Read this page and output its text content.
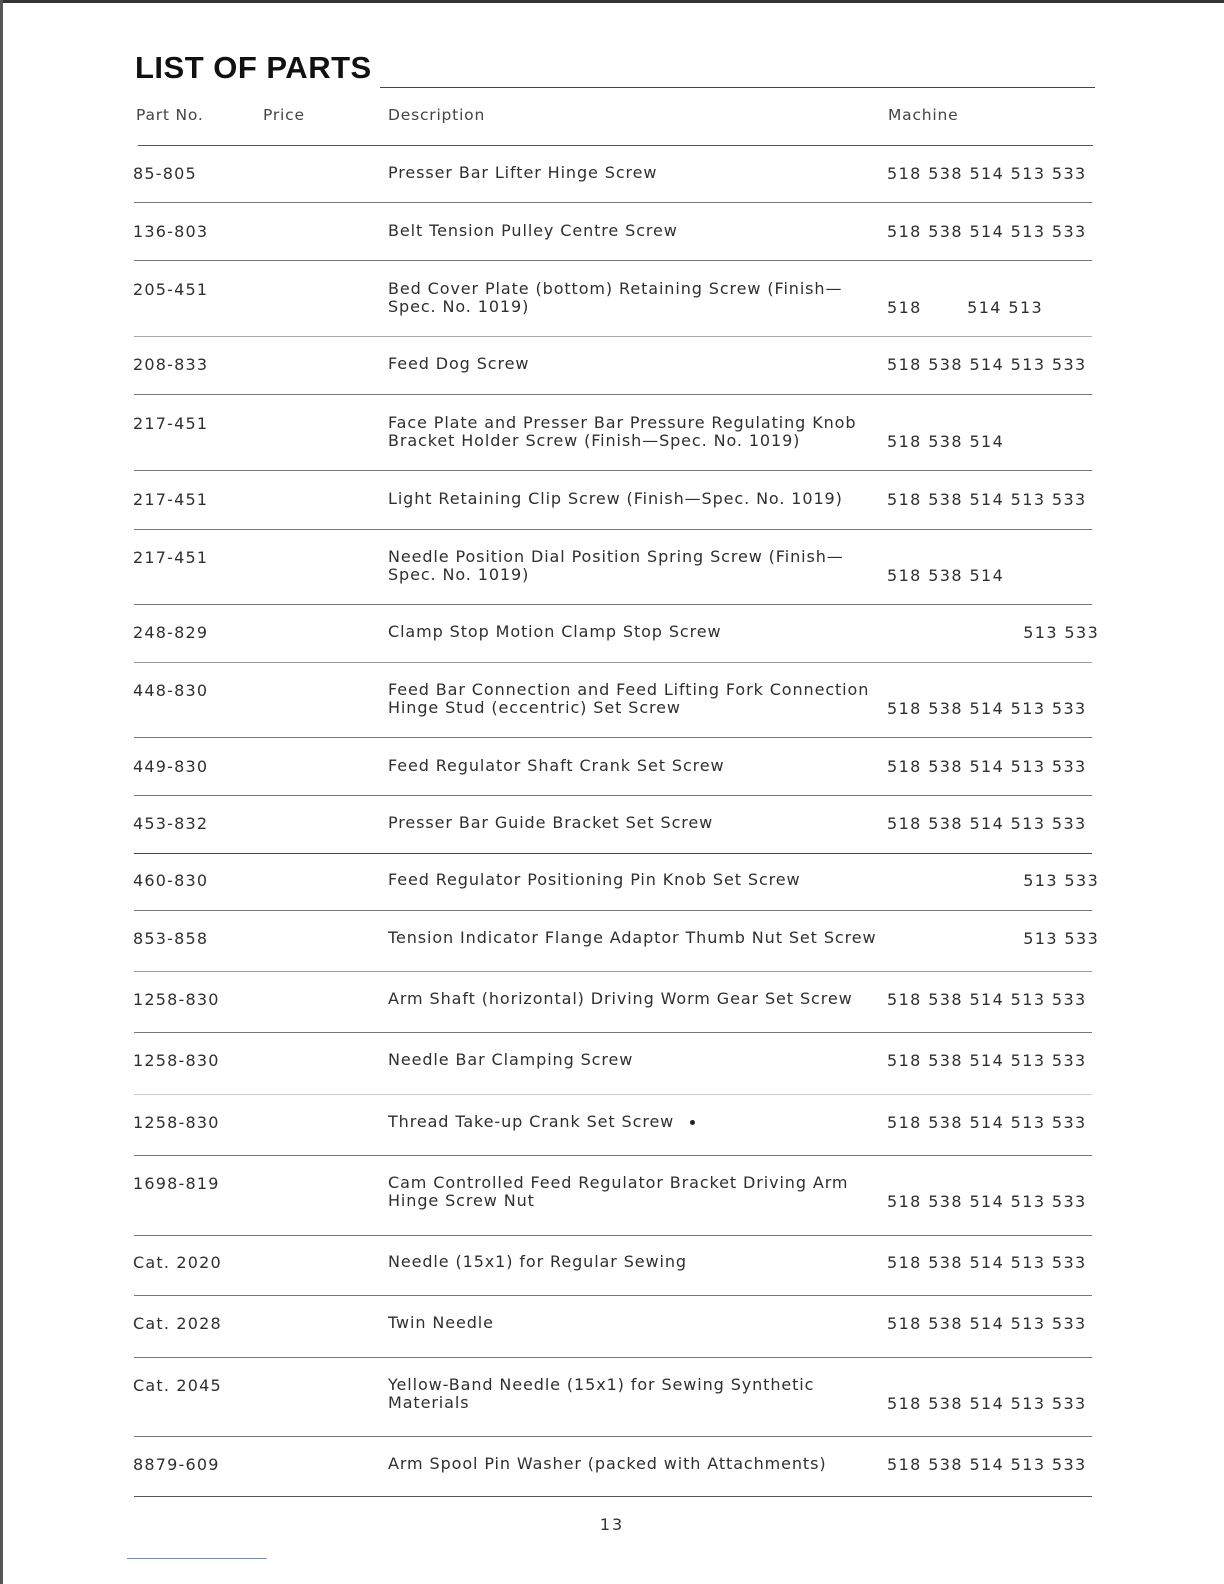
LIST OF PARTS
Part No.	Price	Description	Machine
85-805	Presser Bar Lifter Hinge Screw	518 538 514 513 533
136-803	Belt Tension Pulley Centre Screw	518 538 514 513 533
205-451	Bed Cover Plate (bottom) Retaining Screw (Finish—Spec. No. 1019)	518       514 513
208-833	Feed Dog Screw	518 538 514 513 533
217-451	Face Plate and Presser Bar Pressure Regulating Knob Bracket Holder Screw (Finish—Spec. No. 1019)	518 538 514
217-451	Light Retaining Clip Screw (Finish—Spec. No. 1019)	518 538 514 513 533
217-451	Needle Position Dial Position Spring Screw (Finish—Spec. No. 1019)	518 538 514
248-829	Clamp Stop Motion Clamp Stop Screw	513 533
448-830	Feed Bar Connection and Feed Lifting Fork Connection Hinge Stud (eccentric) Set Screw	518 538 514 513 533
449-830	Feed Regulator Shaft Crank Set Screw	518 538 514 513 533
453-832	Presser Bar Guide Bracket Set Screw	518 538 514 513 533
460-830	Feed Regulator Positioning Pin Knob Set Screw	513 533
853-858	Tension Indicator Flange Adaptor Thumb Nut Set Screw 513 533
1258-830	Arm Shaft (horizontal) Driving Worm Gear Set Screw	518 538 514 513 533
1258-830	Needle Bar Clamping Screw	518 538 514 513 533
1258-830	Thread Take-up Crank Set Screw	518 538 514 513 533
1698-819	Cam Controlled Feed Regulator Bracket Driving Arm Hinge Screw Nut	518 538 514 513 533
Cat. 2020	Needle (15x1) for Regular Sewing	518 538 514 513 533
Cat. 2028	Twin Needle	518 538 514 513 533
Cat. 2045	Yellow-Band Needle (15x1) for Sewing Synthetic Materials	518 538 514 513 533
8879-609	Arm Spool Pin Washer (packed with Attachments)	518 538 514 513 533
13
